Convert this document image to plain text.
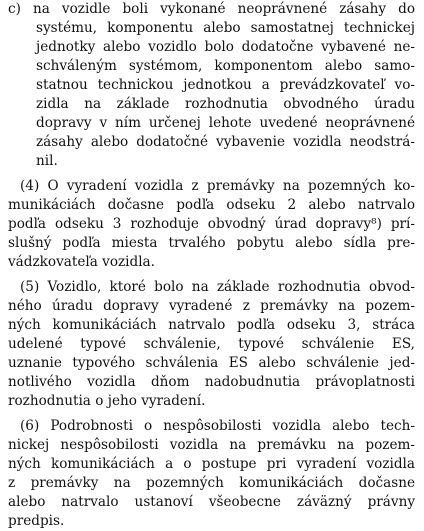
c) na vozidle boli vykonané neoprávnené zásahy do
systému, komponentu alebo samostatnej technickej
jednotky alebo vozidlo bolo dodatočne vybavené ne-
schváleným systémom, komponentom alebo samo-
statnou technickou jednotkou a prevádzkovateľ vo-
zidla na základe rozhodnutia obvodného úradu
dopravy v ním určenej lehote uvedené neoprávnené
zásahy alebo dodatočné vybavenie vozidla neodstrá-
nil.
(4) O vyradení vozidla z premávky na pozemných ko-
munikáciách dočasne podľa odseku 2 alebo natrvalo
podľa odseku 3 rozhoduje obvodný úrad dopravy⁸) prí-
slušný podľa miesta trvalého pobytu alebo sídla pre-
vádzkovateľa vozidla.
(5) Vozidlo, ktoré bolo na základe rozhodnutia obvod-
ného úradu dopravy vyradené z premávky na pozem-
ných komunikáciách natrvalo podľa odseku 3, stráca
udelené typové schválenie, typové schválenie ES,
uznanie typového schválenia ES alebo schválenie jed-
notlivého vozidla dňom nadobudnutia právoplatnosti
rozhodnutia o jeho vyradení.
(6) Podrobnosti o nespôsobilosti vozidla alebo tech-
nickej nespôsobilosti vozidla na premávku na pozem-
ných komunikáciách a o postupe pri vyradení vozidla
z premávky na pozemných komunikáciách dočasne
alebo natrvalo ustanoví všeobecne záväzný právny
predpis.
